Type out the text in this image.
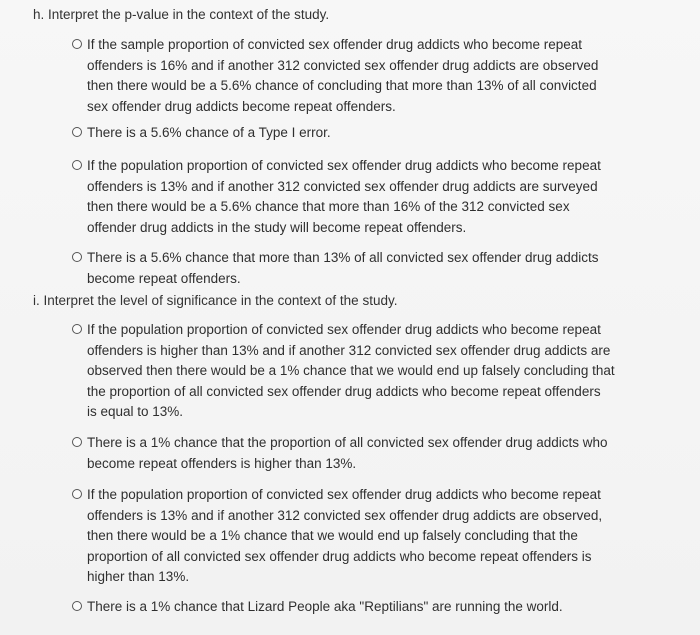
h. Interpret the p-value in the context of the study.
If the sample proportion of convicted sex offender drug addicts who become repeat
offenders is 16% and if another 312 convicted sex offender drug addicts are observed
then there would be a 5.6% chance of concluding that more than 13% of all convicted
sex offender drug addicts become repeat offenders.
There is a 5.6% chance of a Type I error.
If the population proportion of convicted sex offender drug addicts who become repeat
offenders is 13% and if another 312 convicted sex offender drug addicts are surveyed
then there would be a 5.6% chance that more than 16% of the 312 convicted sex
offender drug addicts in the study will become repeat offenders.
There is a 5.6% chance that more than 13% of all convicted sex offender drug addicts
become repeat offenders.
i. Interpret the level of significance in the context of the study.
If the population proportion of convicted sex offender drug addicts who become repeat
offenders is higher than 13% and if another 312 convicted sex offender drug addicts are
observed then there would be a 1% chance that we would end up falsely concluding that
the proportion of all convicted sex offender drug addicts who become repeat offenders
is equal to 13%.
There is a 1% chance that the proportion of all convicted sex offender drug addicts who
become repeat offenders is higher than 13%.
If the population proportion of convicted sex offender drug addicts who become repeat
offenders is 13% and if another 312 convicted sex offender drug addicts are observed,
then there would be a 1% chance that we would end up falsely concluding that the
proportion of all convicted sex offender drug addicts who become repeat offenders is
higher than 13%.
There is a 1% chance that Lizard People aka "Reptilians" are running the world.
